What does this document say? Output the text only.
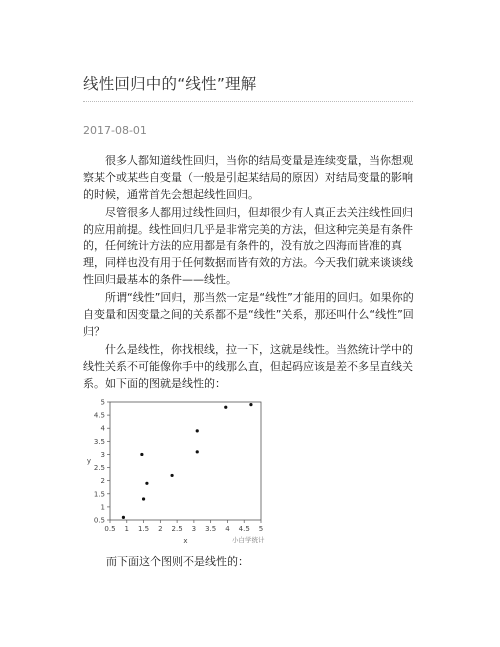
线性回归中的“线性”理解
2017-08-01

很多人都知道线性回归，当你的结局变量是连续变量，当你想观察某个或某些自变量（一般是引起某结局的原因）对结局变量的影响的时候，通常首先会想起线性回归。

尽管很多人都用过线性回归，但却很少有人真正去关注线性回归的应用前提。线性回归几乎是非常完美的方法，但这种完美是有条件的，任何统计方法的应用都是有条件的，没有放之四海而皆准的真理，同样也没有用于任何数据而皆有效的方法。今天我们就来谈谈线性回归最基本的条件——线性。

所谓“线性”回归，那当然一定是“线性”才能用的回归。如果你的自变量和因变量之间的关系都不是“线性”关系，那还叫什么“线性”回归？

什么是线性，你找根线，拉一下，这就是线性。当然统计学中的线性关系不可能像你手中的线那么直，但起码应该是差不多呈直线关系。如下面的图就是线性的：

0.5 1 1.5 2 2.5 3 3.5 4 4.5 5
0.5
1
1.5
2
2.5
3
3.5
4
4.5
5
x
y
小白学统计
而下面这个图则不是线性的：
